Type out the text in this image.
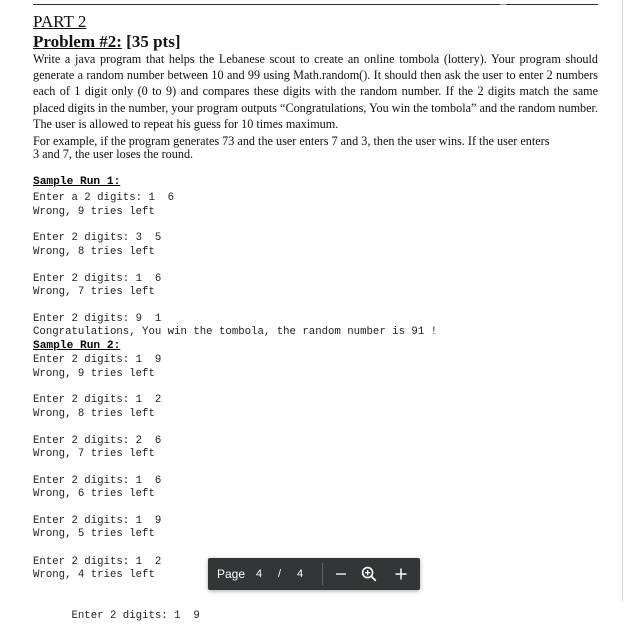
PART 2
Problem #2: [35 pts]
Write a java program that helps the Lebanese scout to create an online tombola (lottery). Your program should generate a random number between 10 and 99 using Math.random(). It should then ask the user to enter 2 numbers each of 1 digit only (0 to 9) and compares these digits with the random number. If the 2 digits match the same placed digits in the number, your program outputs “Congratulations, You win the tombola” and the random number. The user is allowed to repeat his guess for 10 times maximum.
For example, if the program generates 73 and the user enters 7 and 3, then the user wins. If the user enters
3 and 7, the user loses the round.
Sample Run 1:
Enter a 2 digits: 1  6
Wrong, 9 tries left
Enter 2 digits: 3  5
Wrong, 8 tries left
Enter 2 digits: 1  6
Wrong, 7 tries left
Enter 2 digits: 9  1
Congratulations, You win the tombola, the random number is 91 !
Sample Run 2:
Enter 2 digits: 1  9
Wrong, 9 tries left
Enter 2 digits: 1  2
Wrong, 8 tries left
Enter 2 digits: 2  6
Wrong, 7 tries left
Enter 2 digits: 1  6
Wrong, 6 tries left
Enter 2 digits: 1  9
Wrong, 5 tries left
Enter 2 digits: 1  2
Wrong, 4 tries left

Enter 2 digits: 1  9

Page 4 / 4
